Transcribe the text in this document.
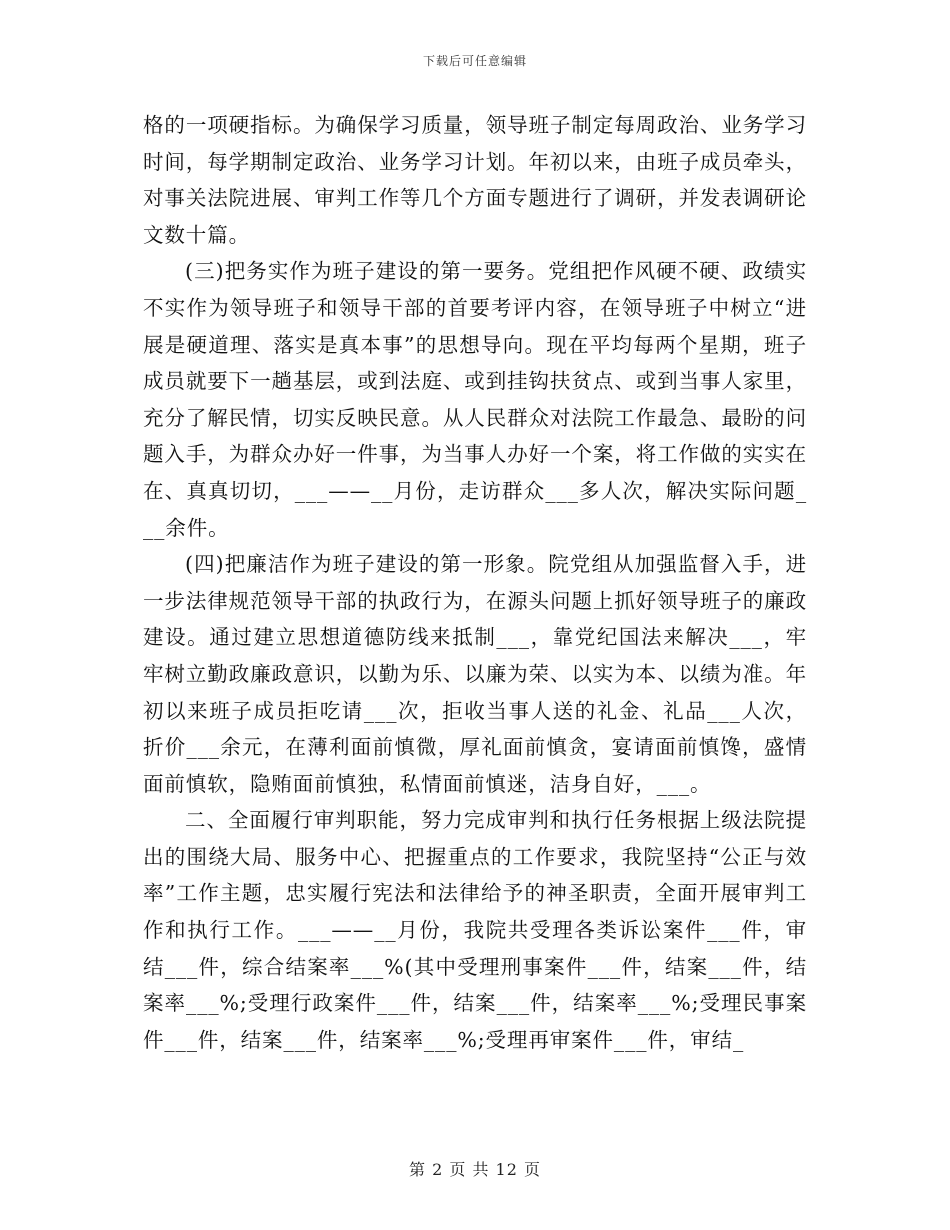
下载后可任意编辑

格的一项硬指标。为确保学习质量，领导班子制定每周政治、业务学习时间，每学期制定政治、业务学习计划。年初以来，由班子成员牵头，对事关法院进展、审判工作等几个方面专题进行了调研，并发表调研论文数十篇。

(三)把务实作为班子建设的第一要务。党组把作风硬不硬、政绩实不实作为领导班子和领导干部的首要考评内容，在领导班子中树立“进展是硬道理、落实是真本事”的思想导向。现在平均每两个星期，班子成员就要下一趟基层，或到法庭、或到挂钩扶贫点、或到当事人家里，充分了解民情，切实反映民意。从人民群众对法院工作最急、最盼的问题入手，为群众办好一件事，为当事人办好一个案，将工作做的实实在在、真真切切，___——__月份，走访群众___多人次，解决实际问题___余件。

(四)把廉洁作为班子建设的第一形象。院党组从加强监督入手，进一步法律规范领导干部的执政行为，在源头问题上抓好领导班子的廉政建设。通过建立思想道德防线来抵制___，靠党纪国法来解决___，牢牢树立勤政廉政意识，以勤为乐、以廉为荣、以实为本、以绩为准。年初以来班子成员拒吃请___次，拒收当事人送的礼金、礼品___人次，折价___余元，在薄利面前慎微，厚礼面前慎贪，宴请面前慎馋，盛情面前慎软，隐贿面前慎独，私情面前慎迷，洁身自好，___。

二、全面履行审判职能，努力完成审判和执行任务根据上级法院提出的围绕大局、服务中心、把握重点的工作要求，我院坚持“公正与效率”工作主题，忠实履行宪法和法律给予的神圣职责，全面开展审判工作和执行工作。___——__月份，我院共受理各类诉讼案件___件，审结___件，综合结案率___%(其中受理刑事案件___件，结案___件，结案率___%;受理行政案件___件，结案___件，结案率___%;受理民事案件___件，结案___件，结案率___%;受理再审案件___件，审结_

第 2 页 共 12 页
